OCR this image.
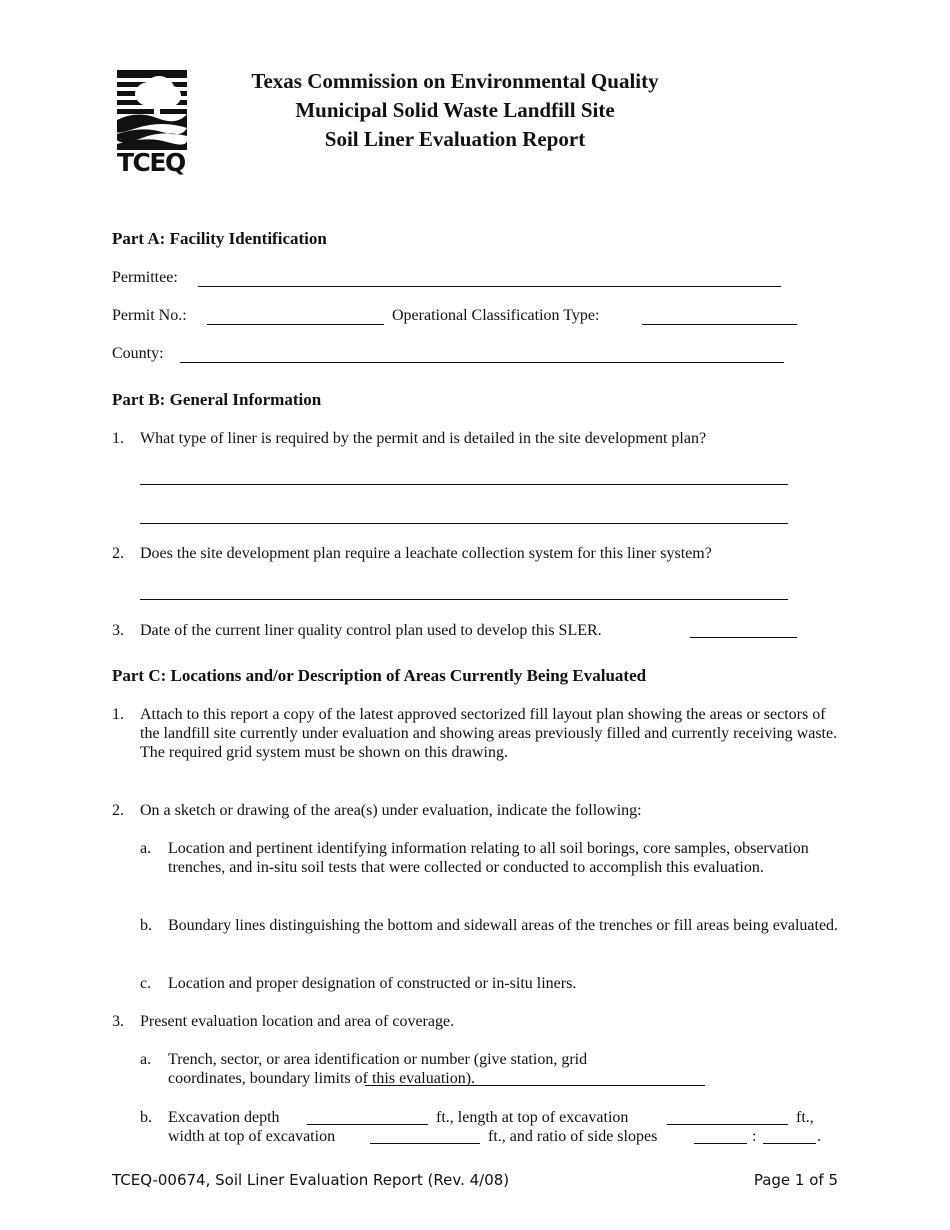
TCEQ
Texas Commission on Environmental Quality
Municipal Solid Waste Landfill Site
Soil Liner Evaluation Report
Part A: Facility Identification
Permittee:
Permit No.:	Operational Classification Type:
County:
Part B: General Information
1. What type of liner is required by the permit and is detailed in the site development plan?
2. Does the site development plan require a leachate collection system for this liner system?
3. Date of the current liner quality control plan used to develop this SLER.
Part C: Locations and/or Description of Areas Currently Being Evaluated
1. Attach to this report a copy of the latest approved sectorized fill layout plan showing the areas or sectors of the landfill site currently under evaluation and showing areas previously filled and currently receiving waste. The required grid system must be shown on this drawing.
2. On a sketch or drawing of the area(s) under evaluation, indicate the following:
a. Location and pertinent identifying information relating to all soil borings, core samples, observation trenches, and in-situ soil tests that were collected or conducted to accomplish this evaluation.
b. Boundary lines distinguishing the bottom and sidewall areas of the trenches or fill areas being evaluated.
c. Location and proper designation of constructed or in-situ liners.
3. Present evaluation location and area of coverage.
a. Trench, sector, or area identification or number (give station, grid coordinates, boundary limits of this evaluation).
b. Excavation depth	ft., length at top of excavation	ft.,
width at top of excavation	ft., and ratio of side slopes	:	.
TCEQ-00674, Soil Liner Evaluation Report (Rev. 4/08)	Page 1 of 5
